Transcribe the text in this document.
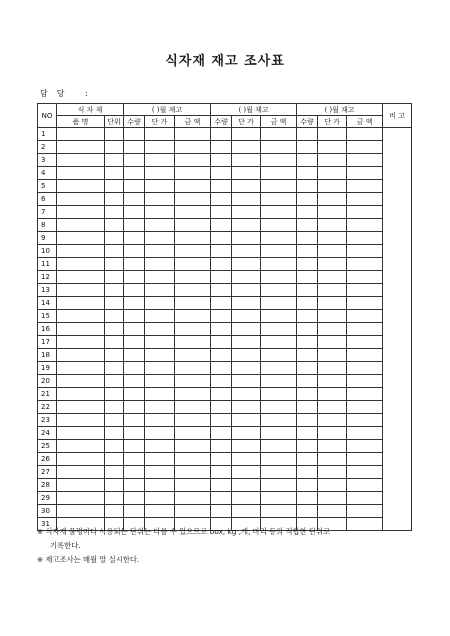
식자재 재고 조사표
담당 :
NO	식 자 재		( )월 재고			( )월 재고			( )월 재고			비 고
	품 명	단위	수량	단 가	금 액	수량	단 가	금 액	수량	단 가	금 액	
1												
2												
3												
4												
5												
6												
7												
8												
9												
10												
11												
12												
13												
14												
15												
16												
17												
18												
19												
20												
21												
22												
23												
24												
25												
26												
27												
28												
29												
30												
31												

※ 식자재 품명마다 사용되는 단위는 다를 수 있으므로 box, kg ,개, 마리 등의 적합한 단위로

기록한다.

※ 재고조사는 매월 말 실시한다.
